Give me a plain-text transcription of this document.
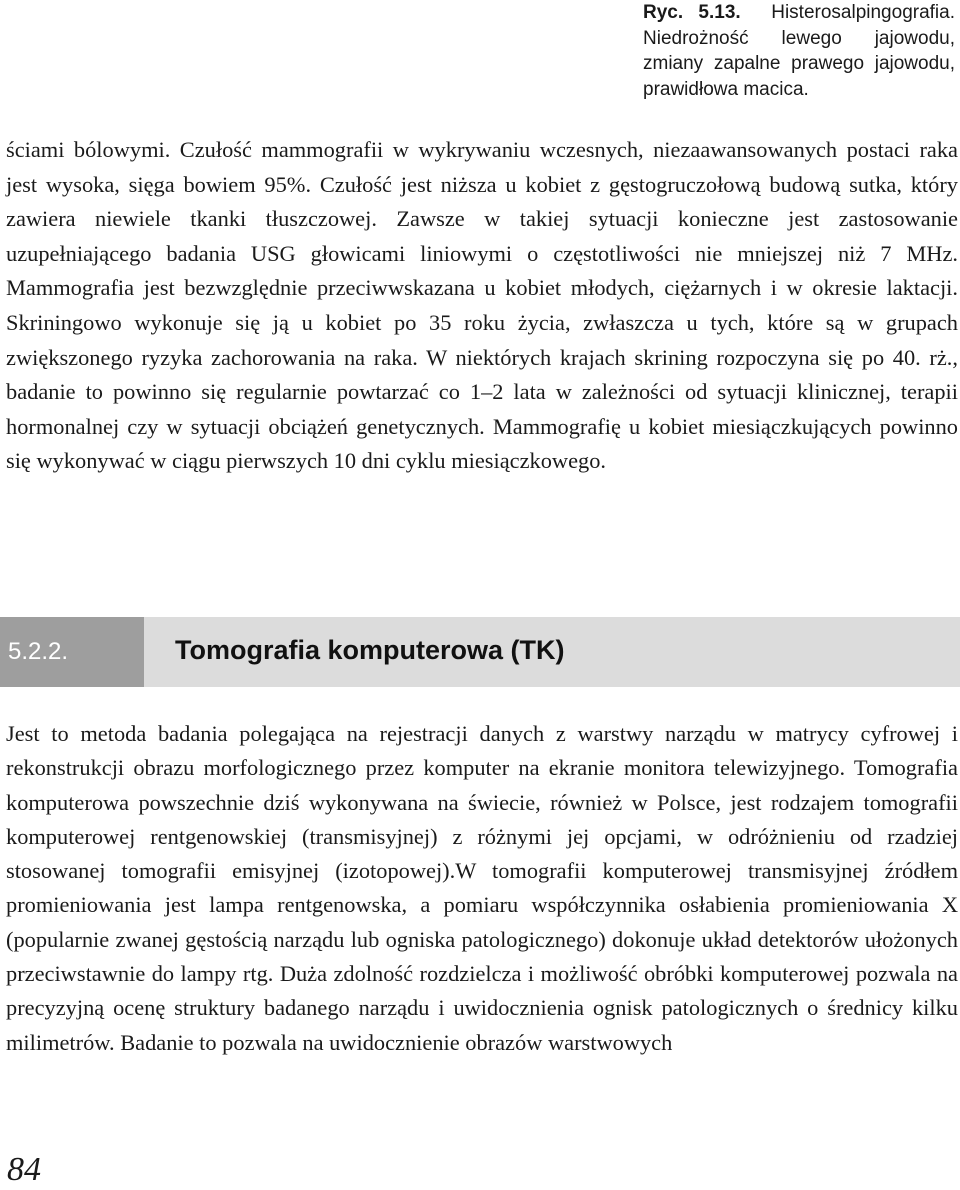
Ryc. 5.13. Histerosalpingografia. Niedrożność lewego jajowodu, zmiany zapalne prawego jajowodu, prawidłowa macica.

ściami bólowymi. Czułość mammografii w wykrywaniu wczesnych, niezaawansowanych postaci raka jest wysoka, sięga bowiem 95%. Czułość jest niższa u kobiet z gęstogruczołową budową sutka, który zawiera niewiele tkanki tłuszczowej. Zawsze w takiej sytuacji konieczne jest zastosowanie uzupełniającego badania USG głowicami liniowymi o częstotliwości nie mniejszej niż 7 MHz. Mammografia jest bezwzględnie przeciwwskazana u kobiet młodych, ciężarnych i w okresie laktacji. Skriningowo wykonuje się ją u kobiet po 35 roku życia, zwłaszcza u tych, które są w grupach zwiększonego ryzyka zachorowania na raka. W niektórych krajach skrining rozpoczyna się po 40. rż., badanie to powinno się regularnie powtarzać co 1–2 lata w zależności od sytuacji klinicznej, terapii hormonalnej czy w sytuacji obciążeń genetycznych. Mammografię u kobiet miesiączkujących powinno się wykonywać w ciągu pierwszych 10 dni cyklu miesiączkowego.

5.2.2.	Tomografia komputerowa (TK)

Jest to metoda badania polegająca na rejestracji danych z warstwy narządu w matrycy cyfrowej i rekonstrukcji obrazu morfologicznego przez komputer na ekranie monitora telewizyjnego. Tomografia komputerowa powszechnie dziś wykonywana na świecie, również w Polsce, jest rodzajem tomografii komputerowej rentgenowskiej (transmisyjnej) z różnymi jej opcjami, w odróżnieniu od rzadziej stosowanej tomografii emisyjnej (izotopowej).W tomografii komputerowej transmisyjnej źródłem promieniowania jest lampa rentgenowska, a pomiaru współczynnika osłabienia promieniowania X (popularnie zwanej gęstością narządu lub ogniska patologicznego) dokonuje układ detektorów ułożonych przeciwstawnie do lampy rtg. Duża zdolność rozdzielcza i możliwość obróbki komputerowej pozwala na precyzyjną ocenę struktury badanego narządu i uwidocznienia ognisk patologicznych o średnicy kilku milimetrów. Badanie to pozwala na uwidocznienie obrazów warstwowych

84
